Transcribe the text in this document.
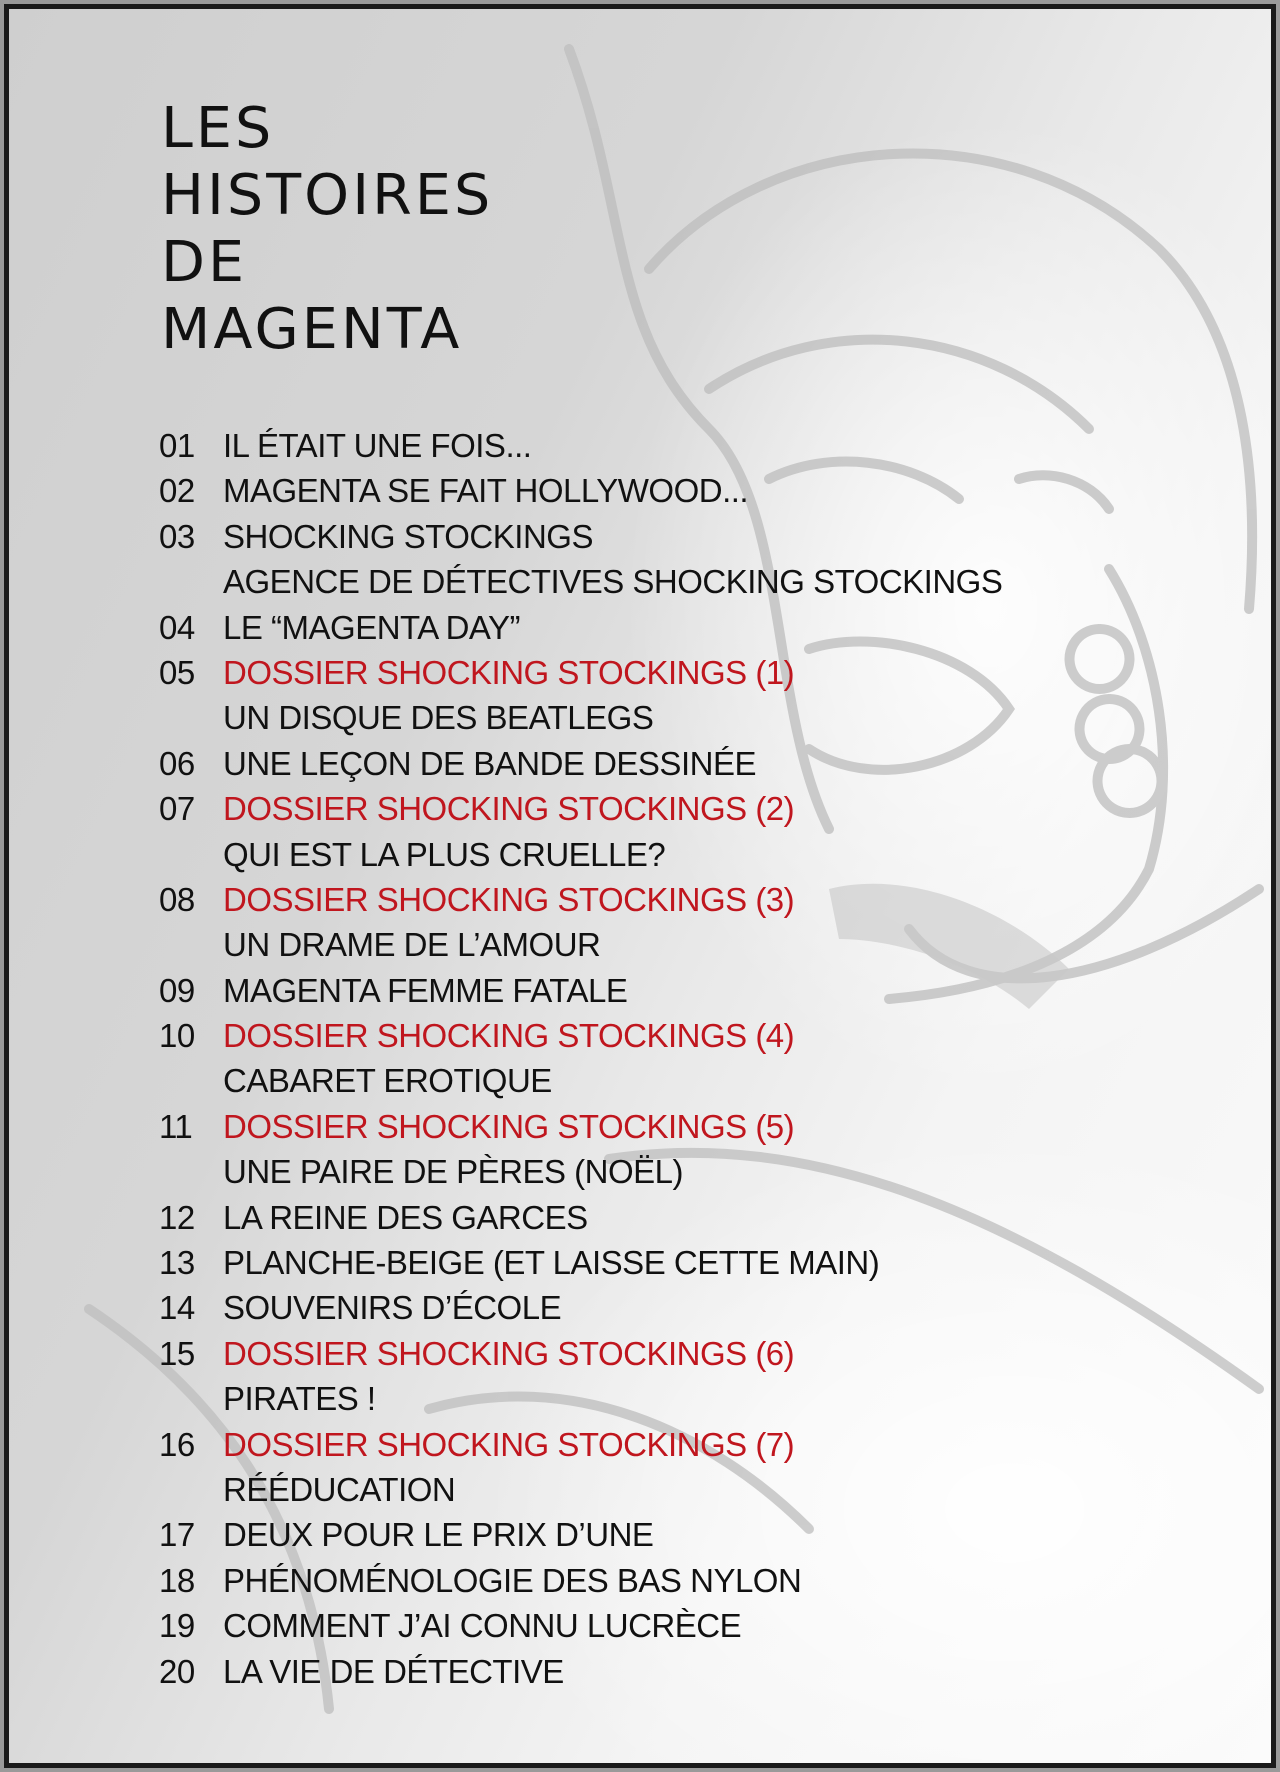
LES
HISTOIRES
DE
MAGENTA
01 IL ÉTAIT UNE FOIS...
02 MAGENTA SE FAIT HOLLYWOOD...
03 SHOCKING STOCKINGS
AGENCE DE DÉTECTIVES SHOCKING STOCKINGS
04 LE “MAGENTA DAY”
05 DOSSIER SHOCKING STOCKINGS (1)
UN DISQUE DES BEATLEGS
06 UNE LEÇON DE BANDE DESSINÉE
07 DOSSIER SHOCKING STOCKINGS (2)
QUI EST LA PLUS CRUELLE?
08 DOSSIER SHOCKING STOCKINGS (3)
UN DRAME DE L’AMOUR
09 MAGENTA FEMME FATALE
10 DOSSIER SHOCKING STOCKINGS (4)
CABARET EROTIQUE
11 DOSSIER SHOCKING STOCKINGS (5)
UNE PAIRE DE PÈRES (NOËL)
12 LA REINE DES GARCES
13 PLANCHE-BEIGE (ET LAISSE CETTE MAIN)
14 SOUVENIRS D’ÉCOLE
15 DOSSIER SHOCKING STOCKINGS (6)
PIRATES !
16 DOSSIER SHOCKING STOCKINGS (7)
RÉÉDUCATION
17 DEUX POUR LE PRIX D’UNE
18 PHÉNOMÉNOLOGIE DES BAS NYLON
19 COMMENT J’AI CONNU LUCRÈCE
20 LA VIE DE DÉTECTIVE
